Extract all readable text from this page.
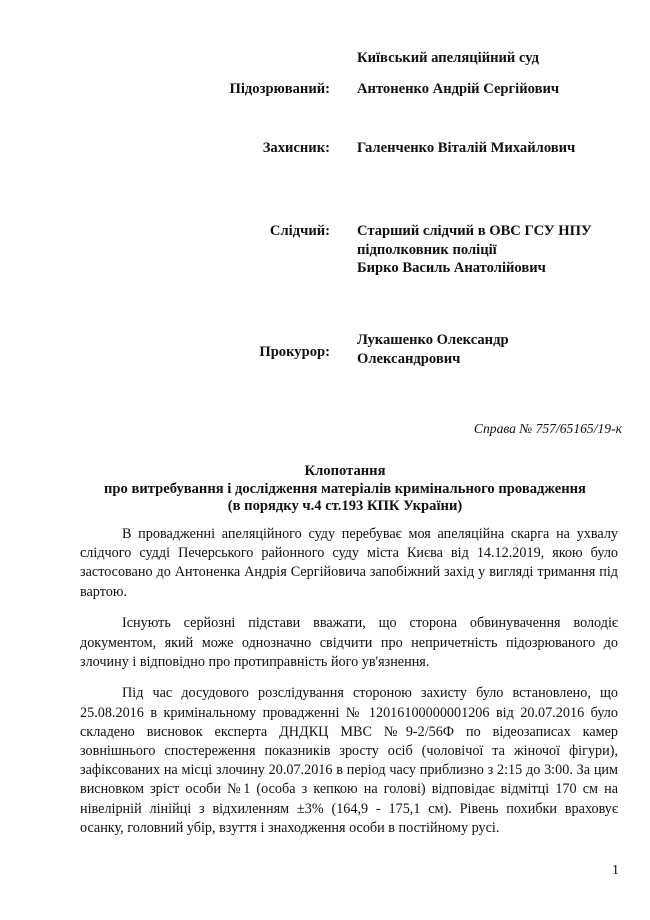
Київський апеляційний суд
Підозрюваний: Антоненко Андрій Сергійович
Захисник: Галенченко Віталій Михайлович
Слідчий: Старший слідчий в ОВС ГСУ НПУ
підполковник поліції
Бирко Василь Анатолійович
Прокурор:
Лукашенко Олександр
Олександрович
Справа № 757/65165/19-к
Клопотання
про витребування і дослідження матеріалів кримінального провадження
(в порядку ч.4 ст.193 КПК України)

В провадженні апеляційного суду перебуває моя апеляційна скарга на ухвалу слідчого судді Печерського районного суду міста Києва від 14.12.2019, якою було застосовано до Антоненка Андрія Сергійовича запобіжний захід у вигляді тримання під вартою.

Існують серйозні підстави вважати, що сторона обвинувачення володіє документом, який може однозначно свідчити про непричетність підозрюваного до злочину і відповідно про протиправність його ув'язнення.

Під час досудового розслідування стороною захисту було встановлено, що 25.08.2016 в кримінальному провадженні № 12016100000001206 від 20.07.2016 було складено висновок експерта ДНДКЦ МВС №9-2/56Ф по відеозаписах камер зовнішнього спостереження показників зросту осіб (чоловічої та жіночої фігури), зафіксованих на місці злочину 20.07.2016 в період часу приблизно з 2:15 до 3:00. За цим висновком зріст особи №1 (особа з кепкою на голові) відповідає відмітці 170 см на нівелірній лінійці з відхиленням ±3% (164,9 - 175,1 см). Рівень похибки враховує осанку, головний убір, взуття і знаходження особи в постійному русі.

1
